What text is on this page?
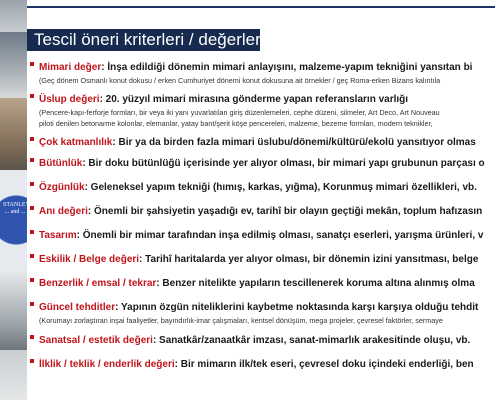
STANLEY ... and ...
Tescil öneri kriterleri / değerler:
Mimari değer: İnşa edildiği dönemin mimari anlayışını, malzeme-yapım tekniğini yansıtan bi
(Geç dönem Osmanlı konut dokusu / erken Cumhuriyet dönemi konut dokusuna ait örnekler / geç Roma-erken Bizans kalıntıla
Üslup değeri: 20. yüzyıl mimari mirasına gönderme yapan referansların varlığı
(Pencere-kapı-ferforje formları, bir veya iki yanı yuvarlatılan giriş düzenlemeleri, cephe düzeni, silmeler, Art Deco, Art Nouveau
piloti denilen betonarme kolonlar, elemanlar, yatay bant/şerit köşe pencereleri, malzeme, bezeme formları, modern teknikler,
Çok katmanlılık: Bir ya da birden fazla mimari üslubu/dönemi/kültürü/ekolü yansıtıyor olmas
Bütünlük: Bir doku bütünlüğü içerisinde yer alıyor olması, bir mimari yapı grubunun parçası o
Özgünlük: Geleneksel yapım tekniği (hımış, karkas, yığma), Korunmuş mimari özellikleri, vb.
Anı değeri: Önemli bir şahsiyetin yaşadığı ev, tarihî bir olayın geçtiği mekân, toplum hafızasın
Tasarım: Önemli bir mimar tarafından inşa edilmiş olması, sanatçı eserleri, yarışma ürünleri, v
Eskilik / Belge değeri: Tarihî haritalarda yer alıyor olması, bir dönemin izini yansıtması, belge
Benzerlik / emsal / tekrar: Benzer nitelikte yapıların tescillenerek koruma altına alınmış olma
Güncel tehditler: Yapının özgün niteliklerini kaybetme noktasında karşı karşıya olduğu tehdit
(Korumayı zorlaştıran inşai faaliyetler, bayındırlık-imar çalışmaları, kentsel dönüşüm, mega projeler, çevresel faktörler, sermaye
Sanatsal / estetik değeri: Sanatkâr/zanaatkâr imzası, sanat-mimarlık arakesitinde oluşu, vb.
İlklik / teklik / enderlik değeri: Bir mimarın ilk/tek eseri, çevresel doku içindeki enderliği, ben
